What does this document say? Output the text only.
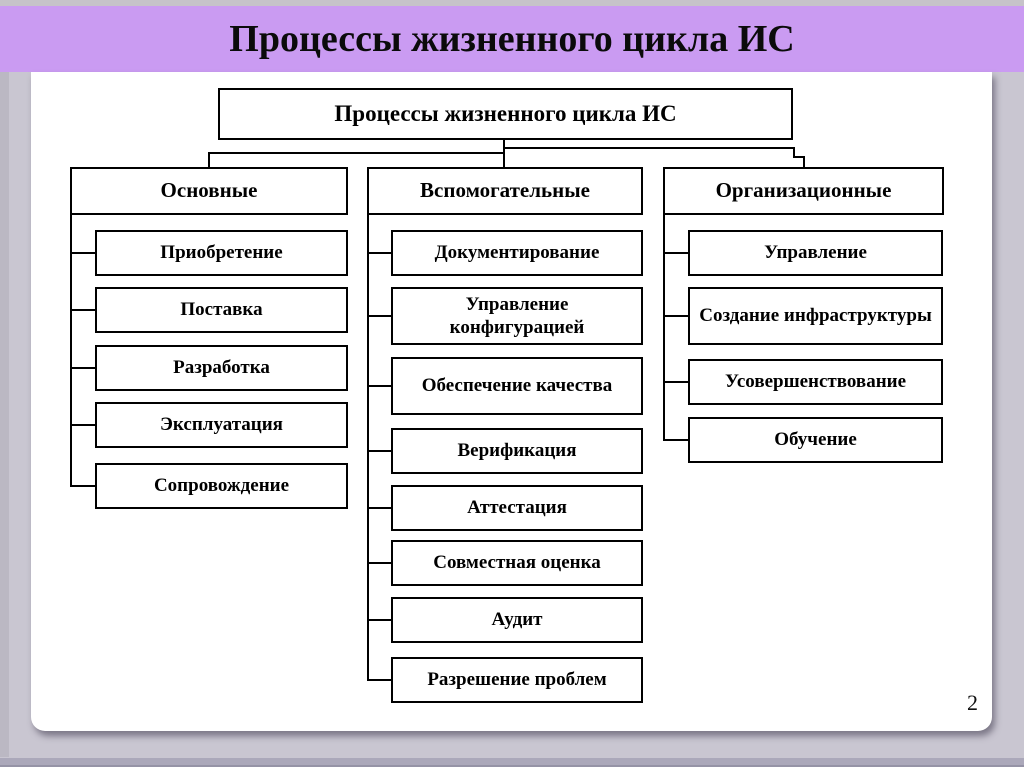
Процессы жизненного цикла ИС
Процессы жизненного цикла ИС
Основные	Вспомогательные	Организационные
Приобретение
Поставка
Разработка
Эксплуатация
Сопровождение
Документирование
Управление конфигурацией
Обеспечение качества
Верификация
Аттестация
Совместная оценка
Аудит
Разрешение проблем
Управление
Создание инфраструктуры
Усовершенствование
Обучение
2
